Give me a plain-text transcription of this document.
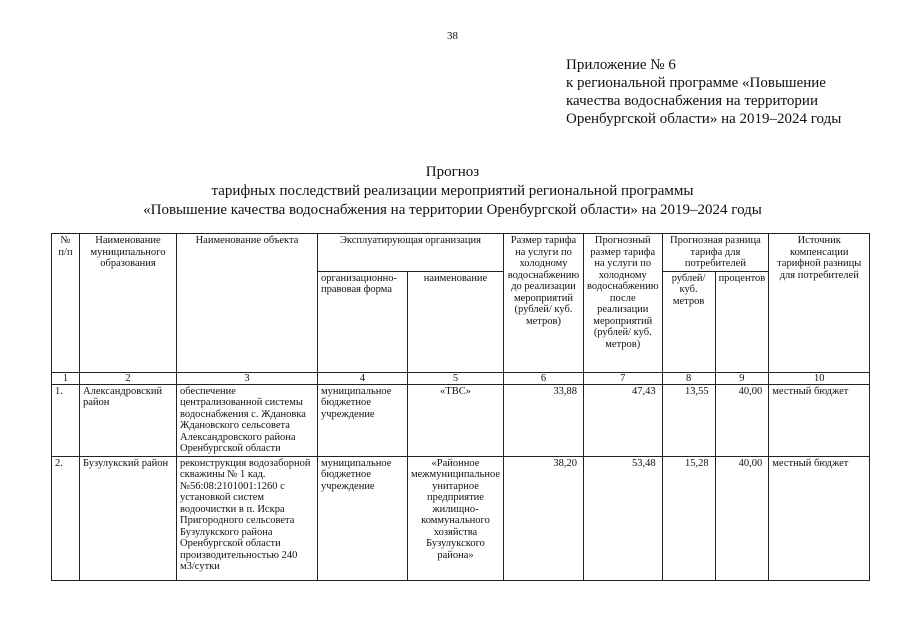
38
Приложение № 6
к региональной программе «Повышение
качества водоснабжения на территории
Оренбургской области» на 2019–2024 годы
Прогноз
тарифных последствий реализации мероприятий региональной программы
«Повышение качества водоснабжения на территории Оренбургской области» на 2019–2024 годы
№ п/п	Наименование муниципального образования	Наименование объекта	Эксплуатирующая организация		Размер тарифа на услуги по холодному водоснабжению до реализации мероприятий (рублей/ куб. метров)	Прогнозный размер тарифа на услуги по холодному водоснабжению после реализации мероприятий (рублей/ куб. метров)	Прогнозная разница тарифа для потребителей		Источник компенсации тарифной разницы для потребителей
			организационно-правовая форма	наименование			рублей/ куб. метров	процентов	
1	2	3	4	5	6	7	8	9	10
1.	Александровский район	обеспечение централизованной системы водоснабжения с. Ждановка Ждановского сельсовета Александровского района Оренбургской области	муниципальное бюджетное учреждение	«ТВС»	33,88	47,43	13,55	40,00	местный бюджет
2.	Бузулукский район	реконструкция водозаборной скважины № 1 кад.№56:08:2101001:1260 с установкой систем водоочистки в п. Искра Пригородного сельсовета Бузулукского района Оренбургской области производительностью 240 м3/сутки	муниципальное бюджетное учреждение	«Районное межмуниципальное унитарное предприятие жилищно-коммунального хозяйства Бузулукского района»	38,20	53,48	15,28	40,00	местный бюджет
